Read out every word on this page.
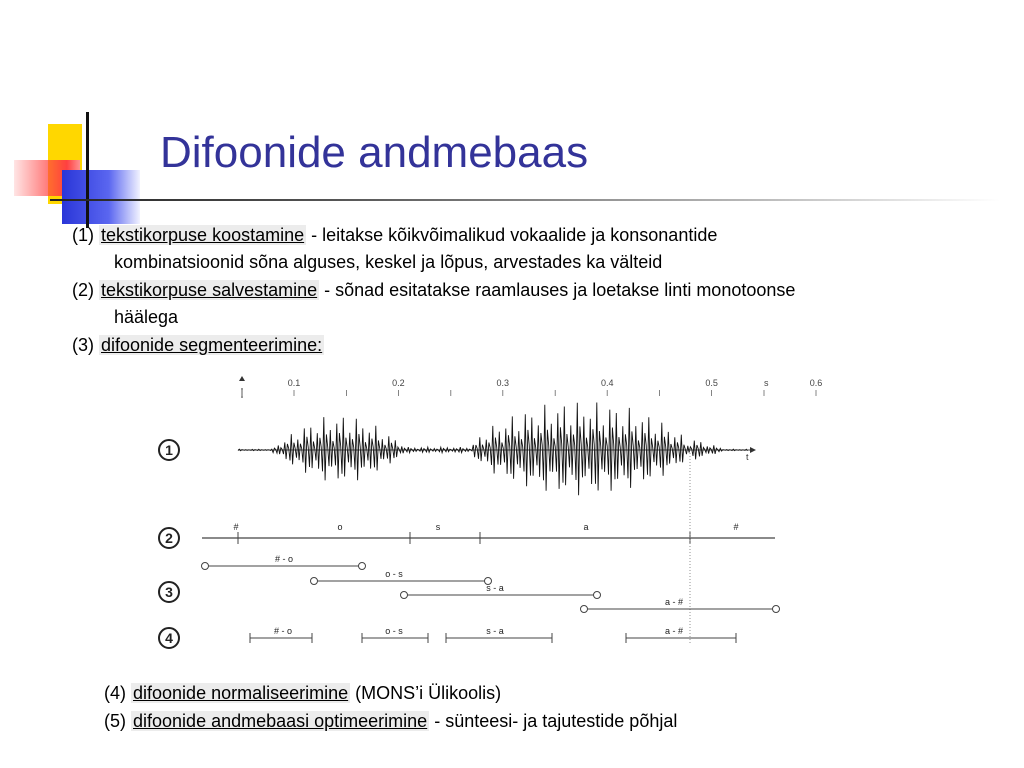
Difoonide andmebaas

(1) tekstikorpuse koostamine - leitakse kõikvõimalikud vokaalide ja konsonantide
kombinatsioonid sõna alguses, keskel ja lõpus, arvestades ka välteid

(2) tekstikorpuse salvestamine - sõnad esitatakse raamlauses ja loetakse linti monotoonse
häälega

(3) difoonide segmenteerimine:

0.1	0.2	0.3	0.4	0.5	0.6
s
t
1
2
3
4
#	o	s	a	#
# - o
o - s
s - a
a - #
# - o	o - s	s - a	a - #

(4) difoonide normaliseerimine (MONS’i Ülikoolis)

(5) difoonide andmebaasi optimeerimine - sünteesi- ja tajutestide põhjal
